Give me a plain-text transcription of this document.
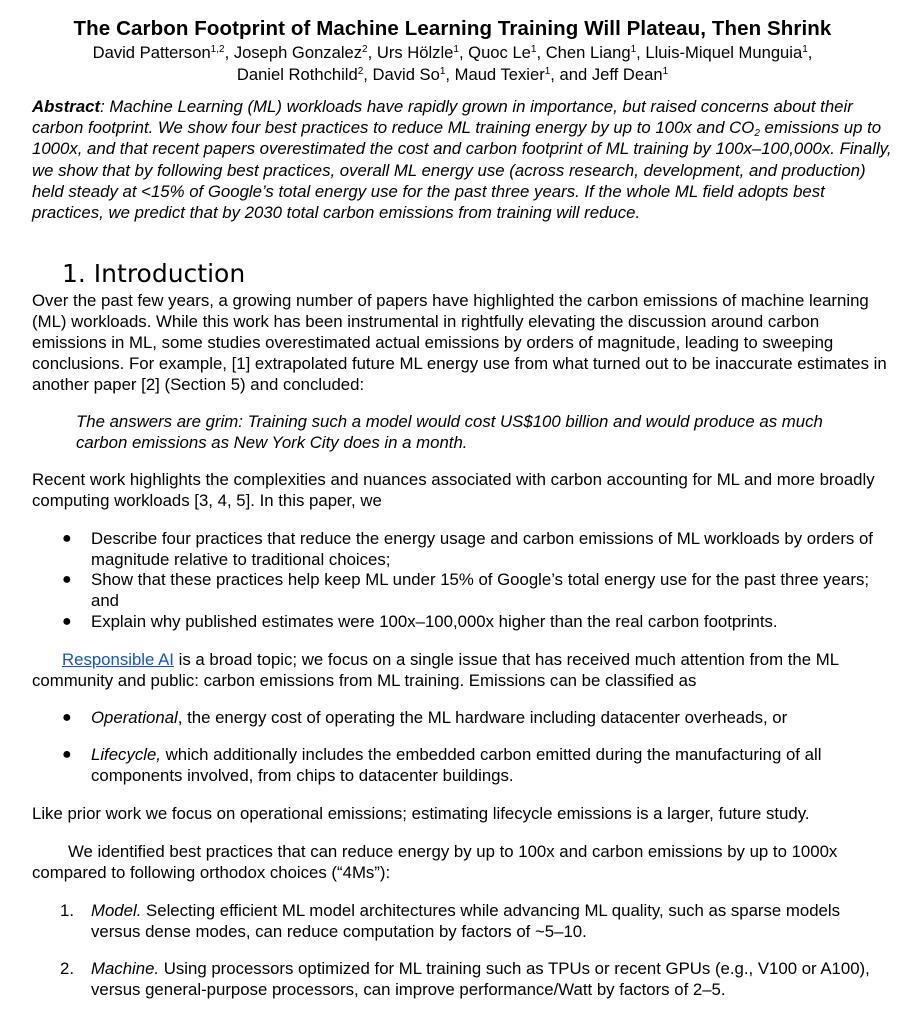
The Carbon Footprint of Machine Learning Training Will Plateau, Then Shrink
David Patterson$^{1,2}$, Joseph Gonzalez$^2$, Urs Hölzle$^1$, Quoc Le$^1$, Chen Liang$^1$, Lluis-Miquel Munguia$^1$,
Daniel Rothchild$^2$, David So$^1$, Maud Texier$^1$, and Jeff Dean$^1$
Abstract: Machine Learning (ML) workloads have rapidly grown in importance, but raised concerns about their carbon footprint. We show four best practices to reduce ML training energy by up to 100x and $CO_2$ emissions up to 1000x, and that recent papers overestimated the cost and carbon footprint of ML training by 100x–100,000x. Finally, we show that by following best practices, overall ML energy use (across research, development, and production) held steady at <15% of Google’s total energy use for the past three years. If the whole ML field adopts best practices, we predict that by 2030 total carbon emissions from training will reduce.
1. Introduction
Over the past few years, a growing number of papers have highlighted the carbon emissions of machine learning (ML) workloads. While this work has been instrumental in rightfully elevating the discussion around carbon emissions in ML, some studies overestimated actual emissions by orders of magnitude, leading to sweeping conclusions. For example, [1] extrapolated future ML energy use from what turned out to be inaccurate estimates in another paper [2] (Section 5) and concluded:
The answers are grim: Training such a model would cost US$100 billion and would produce as much carbon emissions as New York City does in a month.
Recent work highlights the complexities and nuances associated with carbon accounting for ML and more broadly computing workloads [3, 4, 5]. In this paper, we
● Describe four practices that reduce the energy usage and carbon emissions of ML workloads by orders of magnitude relative to traditional choices;
● Show that these practices help keep ML under 15% of Google’s total energy use for the past three years; and
● Explain why published estimates were 100x–100,000x higher than the real carbon footprints.
Responsible AI is a broad topic; we focus on a single issue that has received much attention from the ML community and public: carbon emissions from ML training. Emissions can be classified as
● Operational, the energy cost of operating the ML hardware including datacenter overheads, or
● Lifecycle, which additionally includes the embedded carbon emitted during the manufacturing of all components involved, from chips to datacenter buildings.
Like prior work we focus on operational emissions; estimating lifecycle emissions is a larger, future study.
We identified best practices that can reduce energy by up to 100x and carbon emissions by up to 1000x compared to following orthodox choices (“4Ms”):
1. Model. Selecting efficient ML model architectures while advancing ML quality, such as sparse models versus dense modes, can reduce computation by factors of ~5–10.
2. Machine. Using processors optimized for ML training such as TPUs or recent GPUs (e.g., V100 or A100), versus general-purpose processors, can improve performance/Watt by factors of 2–5.
